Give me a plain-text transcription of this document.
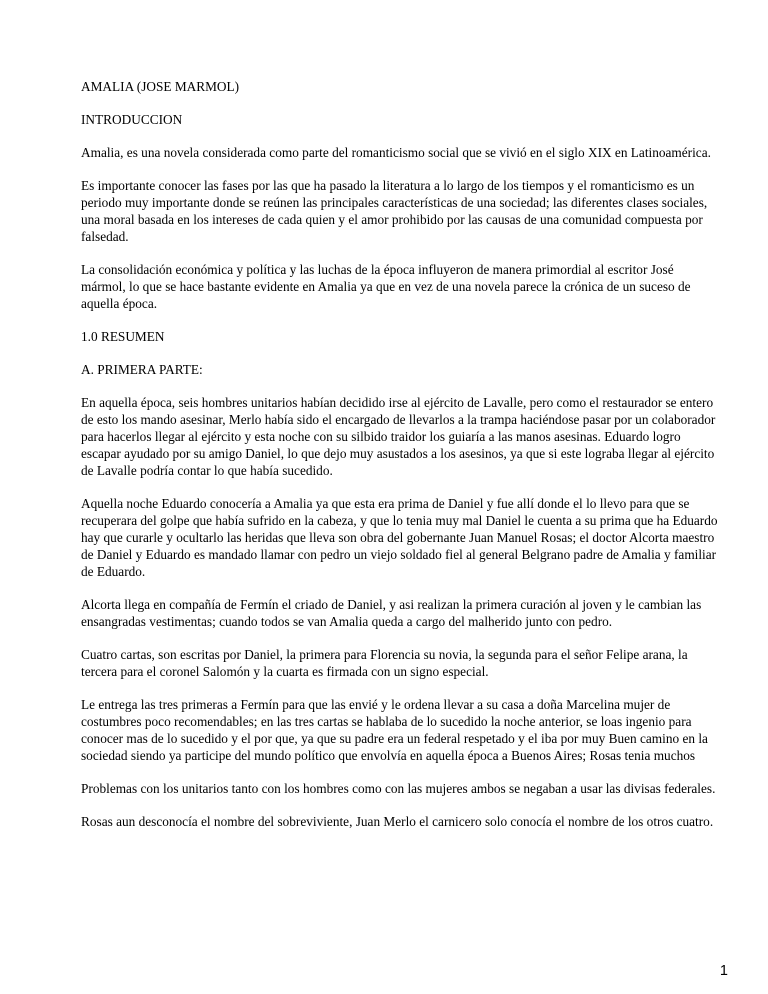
AMALIA (JOSE MARMOL)

INTRODUCCION

Amalia, es una novela considerada como parte del romanticismo social que se vivió en el siglo XIX en Latinoamérica.

Es importante conocer las fases por las que ha pasado la literatura a lo largo de los tiempos y el romanticismo es un periodo muy importante donde se reúnen las principales características de una sociedad; las diferentes clases sociales, una moral basada en los intereses de cada quien y el amor prohibido por las causas de una comunidad compuesta por falsedad.

La consolidación económica y política y las luchas de la época influyeron de manera primordial al escritor José mármol, lo que se hace bastante evidente en Amalia ya que en vez de una novela parece la crónica de un suceso de aquella época.

1.0 RESUMEN

A. PRIMERA PARTE:

En aquella época, seis hombres unitarios habían decidido irse al ejército de Lavalle, pero como el restaurador se entero de esto los mando asesinar, Merlo había sido el encargado de llevarlos a la trampa haciéndose pasar por un colaborador para hacerlos llegar al ejército y esta noche con su silbido traidor los guiaría a las manos asesinas. Eduardo logro escapar ayudado por su amigo Daniel, lo que dejo muy asustados a los asesinos, ya que si este lograba llegar al ejército de Lavalle podría contar lo que había sucedido.

Aquella noche Eduardo conocería a Amalia ya que esta era prima de Daniel y fue allí donde el lo llevo para que se recuperara del golpe que había sufrido en la cabeza, y que lo tenia muy mal Daniel le cuenta a su prima que ha Eduardo hay que curarle y ocultarlo las heridas que lleva son obra del gobernante Juan Manuel Rosas; el doctor Alcorta maestro de Daniel y Eduardo es mandado llamar con pedro un viejo soldado fiel al general Belgrano padre de Amalia y familiar de Eduardo.

Alcorta llega en compañía de Fermín el criado de Daniel, y asi realizan la primera curación al joven y le cambian las ensangradas vestimentas; cuando todos se van Amalia queda a cargo del malherido junto con pedro.

Cuatro cartas, son escritas por Daniel, la primera para Florencia su novia, la segunda para el señor Felipe arana, la tercera para el coronel Salomón y la cuarta es firmada con un signo especial.

Le entrega las tres primeras a Fermín para que las envié y le ordena llevar a su casa a doña Marcelina mujer de costumbres poco recomendables; en las tres cartas se hablaba de lo sucedido la noche anterior, se loas ingenio para conocer mas de lo sucedido y el por que, ya que su padre era un federal respetado y el iba por muy Buen camino en la sociedad siendo ya participe del mundo político que envolvía en aquella época a Buenos Aires; Rosas tenia muchos

Problemas con los unitarios tanto con los hombres como con las mujeres ambos se negaban a usar las divisas federales.

Rosas aun desconocía el nombre del sobreviviente, Juan Merlo el carnicero solo conocía el nombre de los otros cuatro.

1
